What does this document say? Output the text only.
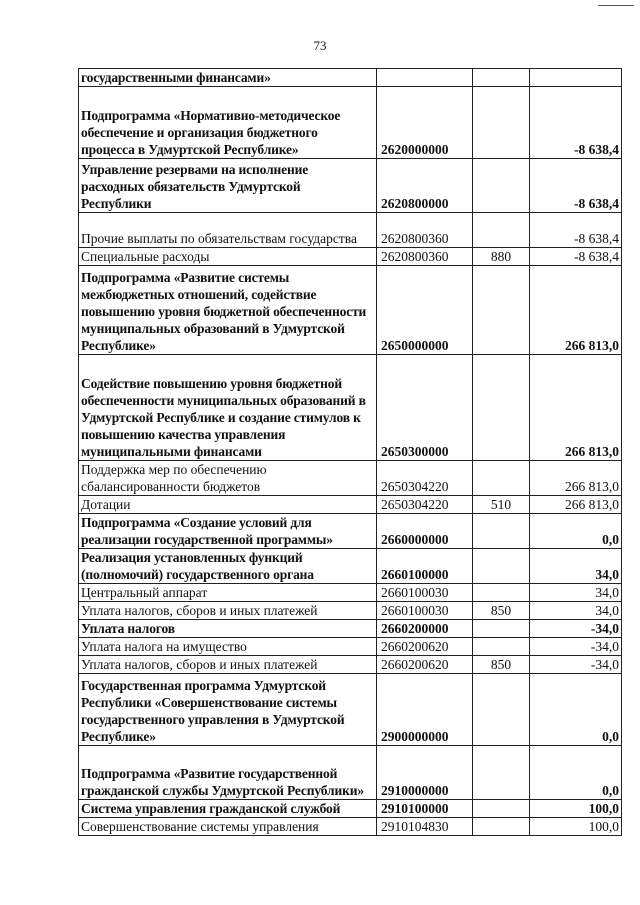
73
государственными финансами»			
Подпрограмма «Нормативно-методическое обеспечение и организация бюджетного процесса в Удмуртской Республике»	2620000000		-8 638,4
Управление резервами на исполнение расходных обязательств Удмуртской Республики	2620800000		-8 638,4
Прочие выплаты по обязательствам государства	2620800360		-8 638,4
Специальные расходы	2620800360	880	-8 638,4
Подпрограмма «Развитие системы межбюджетных отношений, содействие повышению уровня бюджетной обеспеченности муниципальных образований в Удмуртской Республике»	2650000000		266 813,0
Содействие повышению уровня бюджетной обеспеченности муниципальных образований в Удмуртской Республике и создание стимулов к повышению качества управления муниципальными финансами	2650300000		266 813,0
Поддержка мер по обеспечению сбалансированности бюджетов	2650304220		266 813,0
Дотации	2650304220	510	266 813,0
Подпрограмма «Создание условий для реализации государственной программы»	2660000000		0,0
Реализация установленных функций (полномочий) государственного органа	2660100000		34,0
Центральный аппарат	2660100030		34,0
Уплата налогов, сборов и иных платежей	2660100030	850	34,0
Уплата налогов	2660200000		-34,0
Уплата налога на имущество	2660200620		-34,0
Уплата налогов, сборов и иных платежей	2660200620	850	-34,0
Государственная программа Удмуртской Республики «Совершенствование системы государственного управления в Удмуртской Республике»	2900000000		0,0
Подпрограмма «Развитие государственной гражданской службы Удмуртской Республики»	2910000000		0,0
Система управления гражданской службой	2910100000		100,0
Совершенствование системы управления	2910104830		100,0
